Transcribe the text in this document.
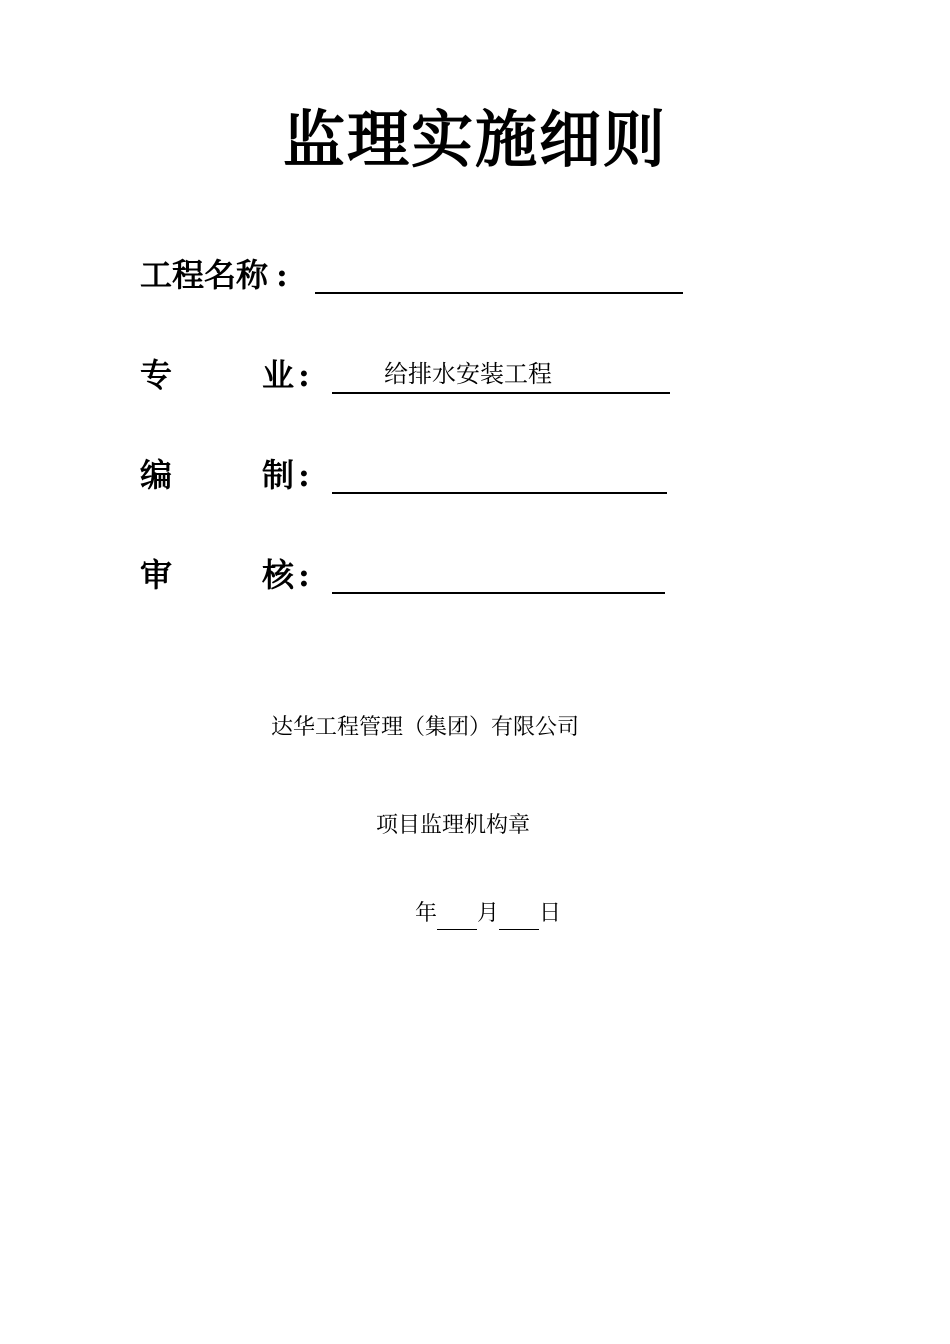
监理实施细则
工程名称 :
专	业 :	给排水安装工程
编	制 :
审	核 :
达华工程管理（集团）有限公司
项目监理机构章
年 月 日
